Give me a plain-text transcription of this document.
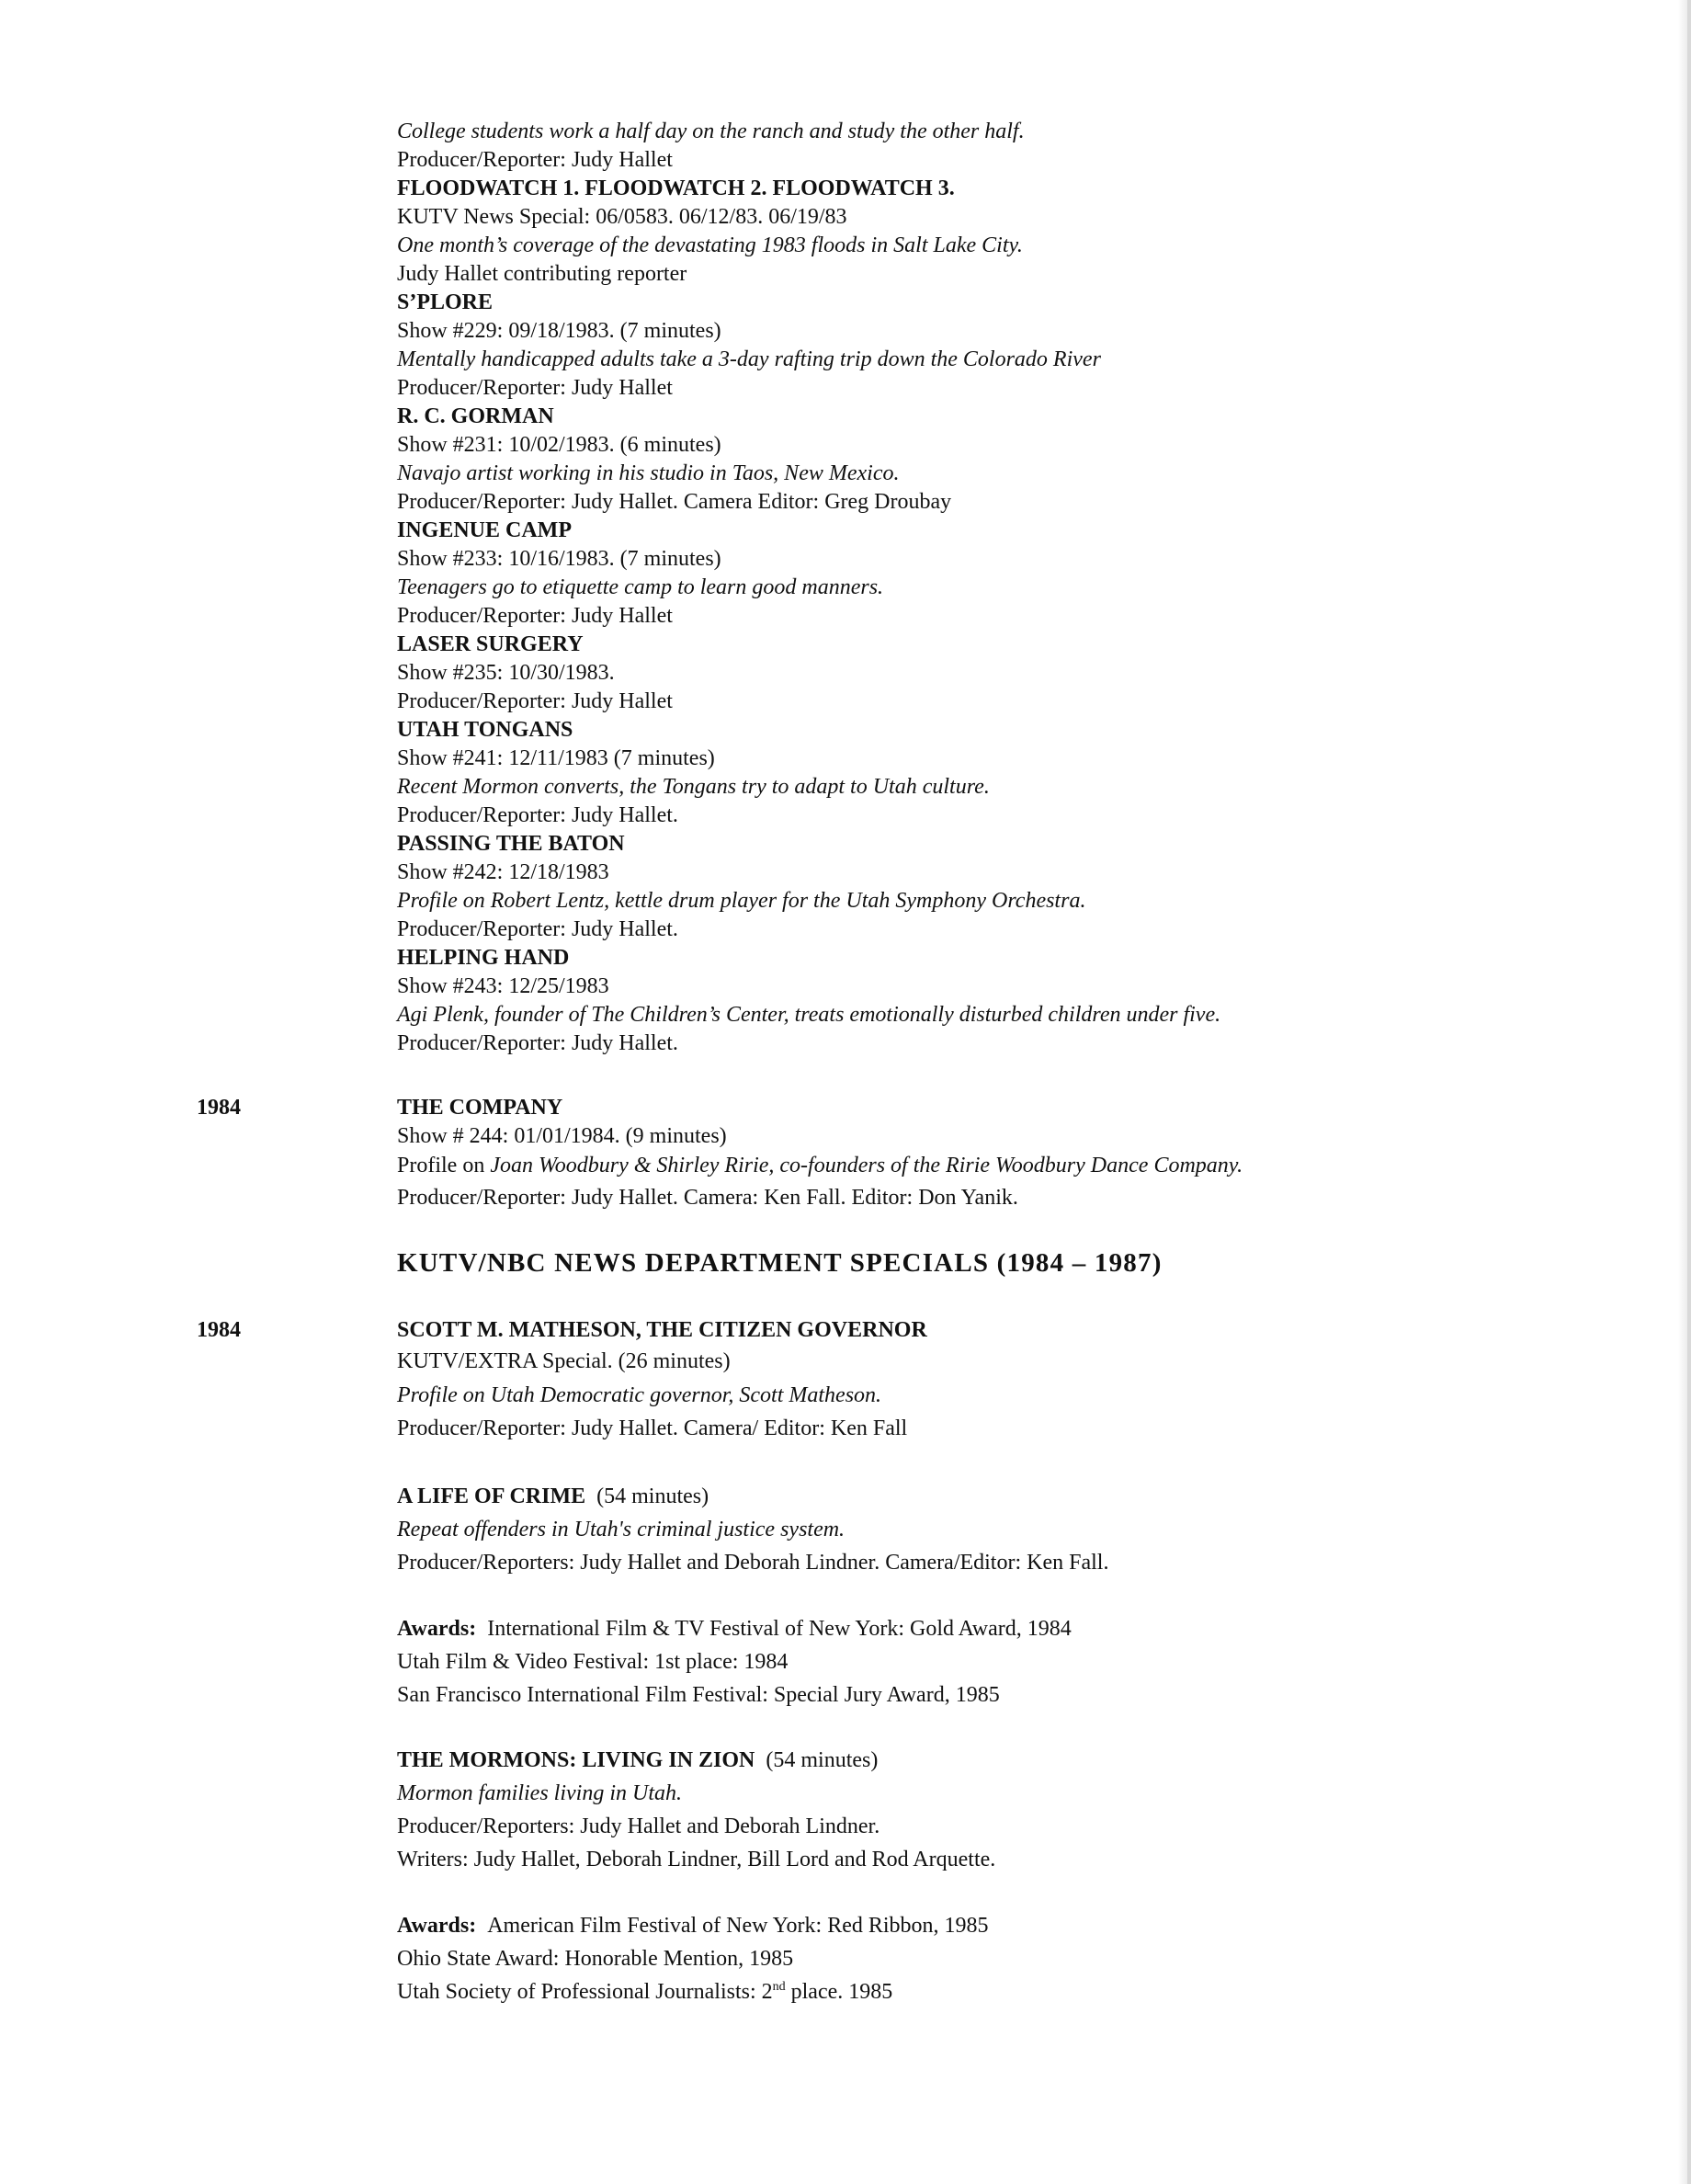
College students work a half day on the ranch and study the other half.
Producer/Reporter: Judy Hallet
FLOODWATCH 1. FLOODWATCH 2. FLOODWATCH 3.
KUTV News Special: 06/0583. 06/12/83. 06/19/83
One month’s coverage of the devastating 1983 floods in Salt Lake City.
Judy Hallet contributing reporter
S’PLORE
Show #229: 09/18/1983. (7 minutes)
Mentally handicapped adults take a 3-day rafting trip down the Colorado River
Producer/Reporter: Judy Hallet
R. C. GORMAN
Show #231: 10/02/1983. (6 minutes)
Navajo artist working in his studio in Taos, New Mexico.
Producer/Reporter: Judy Hallet. Camera Editor: Greg Droubay
INGENUE CAMP
Show #233: 10/16/1983. (7 minutes)
Teenagers go to etiquette camp to learn good manners.
Producer/Reporter: Judy Hallet
LASER SURGERY
Show #235: 10/30/1983.
Producer/Reporter: Judy Hallet
UTAH TONGANS
Show #241: 12/11/1983 (7 minutes)
Recent Mormon converts, the Tongans try to adapt to Utah culture.
Producer/Reporter: Judy Hallet.
PASSING THE BATON
Show #242: 12/18/1983
Profile on Robert Lentz, kettle drum player for the Utah Symphony Orchestra.
Producer/Reporter: Judy Hallet.
HELPING HAND
Show #243: 12/25/1983
Agi Plenk, founder of The Children’s Center, treats emotionally disturbed children under five.
Producer/Reporter: Judy Hallet.
1984	THE COMPANY
Show # 244: 01/01/1984. (9 minutes)
Profile on Joan Woodbury & Shirley Ririe, co-founders of the Ririe Woodbury Dance Company.
Producer/Reporter: Judy Hallet. Camera: Ken Fall. Editor: Don Yanik.
KUTV/NBC NEWS DEPARTMENT SPECIALS (1984 – 1987)
1984	SCOTT M. MATHESON, THE CITIZEN GOVERNOR
KUTV/EXTRA Special. (26 minutes)
Profile on Utah Democratic governor, Scott Matheson.
Producer/Reporter: Judy Hallet. Camera/ Editor: Ken Fall
A LIFE OF CRIME (54 minutes)
Repeat offenders in Utah's criminal justice system.
Producer/Reporters: Judy Hallet and Deborah Lindner. Camera/Editor: Ken Fall.
Awards: International Film & TV Festival of New York: Gold Award, 1984
Utah Film & Video Festival: 1st place: 1984
San Francisco International Film Festival: Special Jury Award, 1985
THE MORMONS: LIVING IN ZION (54 minutes)
Mormon families living in Utah.
Producer/Reporters: Judy Hallet and Deborah Lindner.
Writers: Judy Hallet, Deborah Lindner, Bill Lord and Rod Arquette.
Awards: American Film Festival of New York: Red Ribbon, 1985
Ohio State Award: Honorable Mention, 1985
Utah Society of Professional Journalists: 2nd place. 1985
